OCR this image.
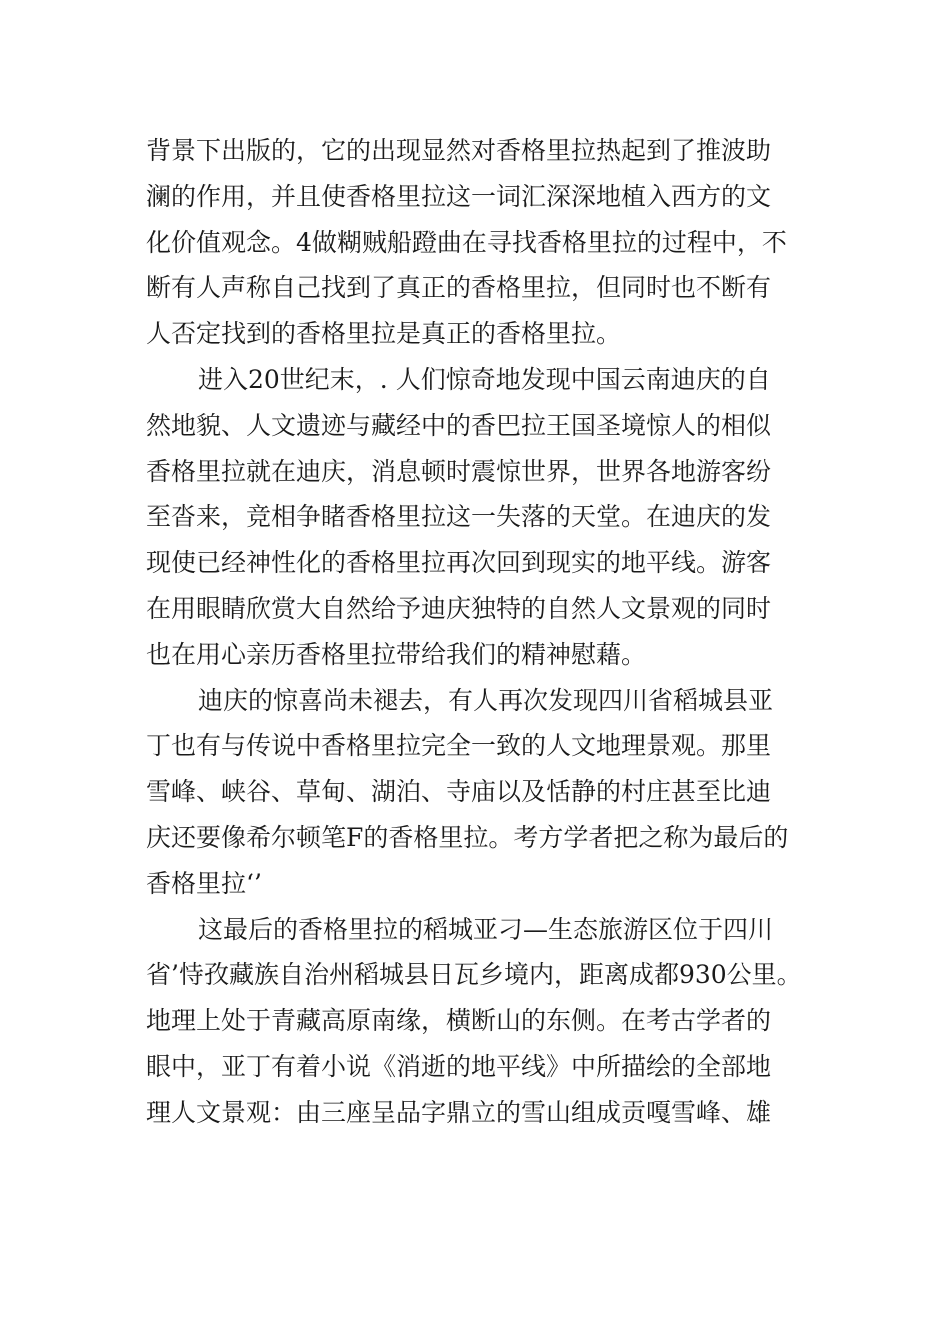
背景下出版的，它的出现显然对香格里拉热起到了推波助
澜的作用，并且使香格里拉这一词汇深深地植入西方的文
化价值观念。4做糊贼船蹬曲在寻找香格里拉的过程中，不
断有人声称自己找到了真正的香格里拉，但同时也不断有
人否定找到的香格里拉是真正的香格里拉。
进入20世纪末，. 人们惊奇地发现中国云南迪庆的自
然地貌、人文遗迹与藏经中的香巴拉王国圣境惊人的相似
香格里拉就在迪庆，消息顿时震惊世界，世界各地游客纷
至沓来，竞相争睹香格里拉这一失落的天堂。在迪庆的发
现使已经神性化的香格里拉再次回到现实的地平线。游客
在用眼睛欣赏大自然给予迪庆独特的自然人文景观的同时
也在用心亲历香格里拉带给我们的精神慰藉。
迪庆的惊喜尚未褪去，有人再次发现四川省稻城县亚
丁也有与传说中香格里拉完全一致的人文地理景观。那里
雪峰、峡谷、草甸、湖泊、寺庙以及恬静的村庄甚至比迪
庆还要像希尔顿笔F的香格里拉。考方学者把之称为最后的
香格里拉‘’
这最后的香格里拉的稻城亚刁—生态旅游区位于四川
省’恃孜藏族自治州稻城县日瓦乡境内，距离成都930公里。
地理上处于青藏高原南缘，横断山的东侧。在考古学者的
眼中，亚丁有着小说《消逝的地平线》中所描绘的全部地
理人文景观：由三座呈品字鼎立的雪山组成贡嘎雪峰、雄
